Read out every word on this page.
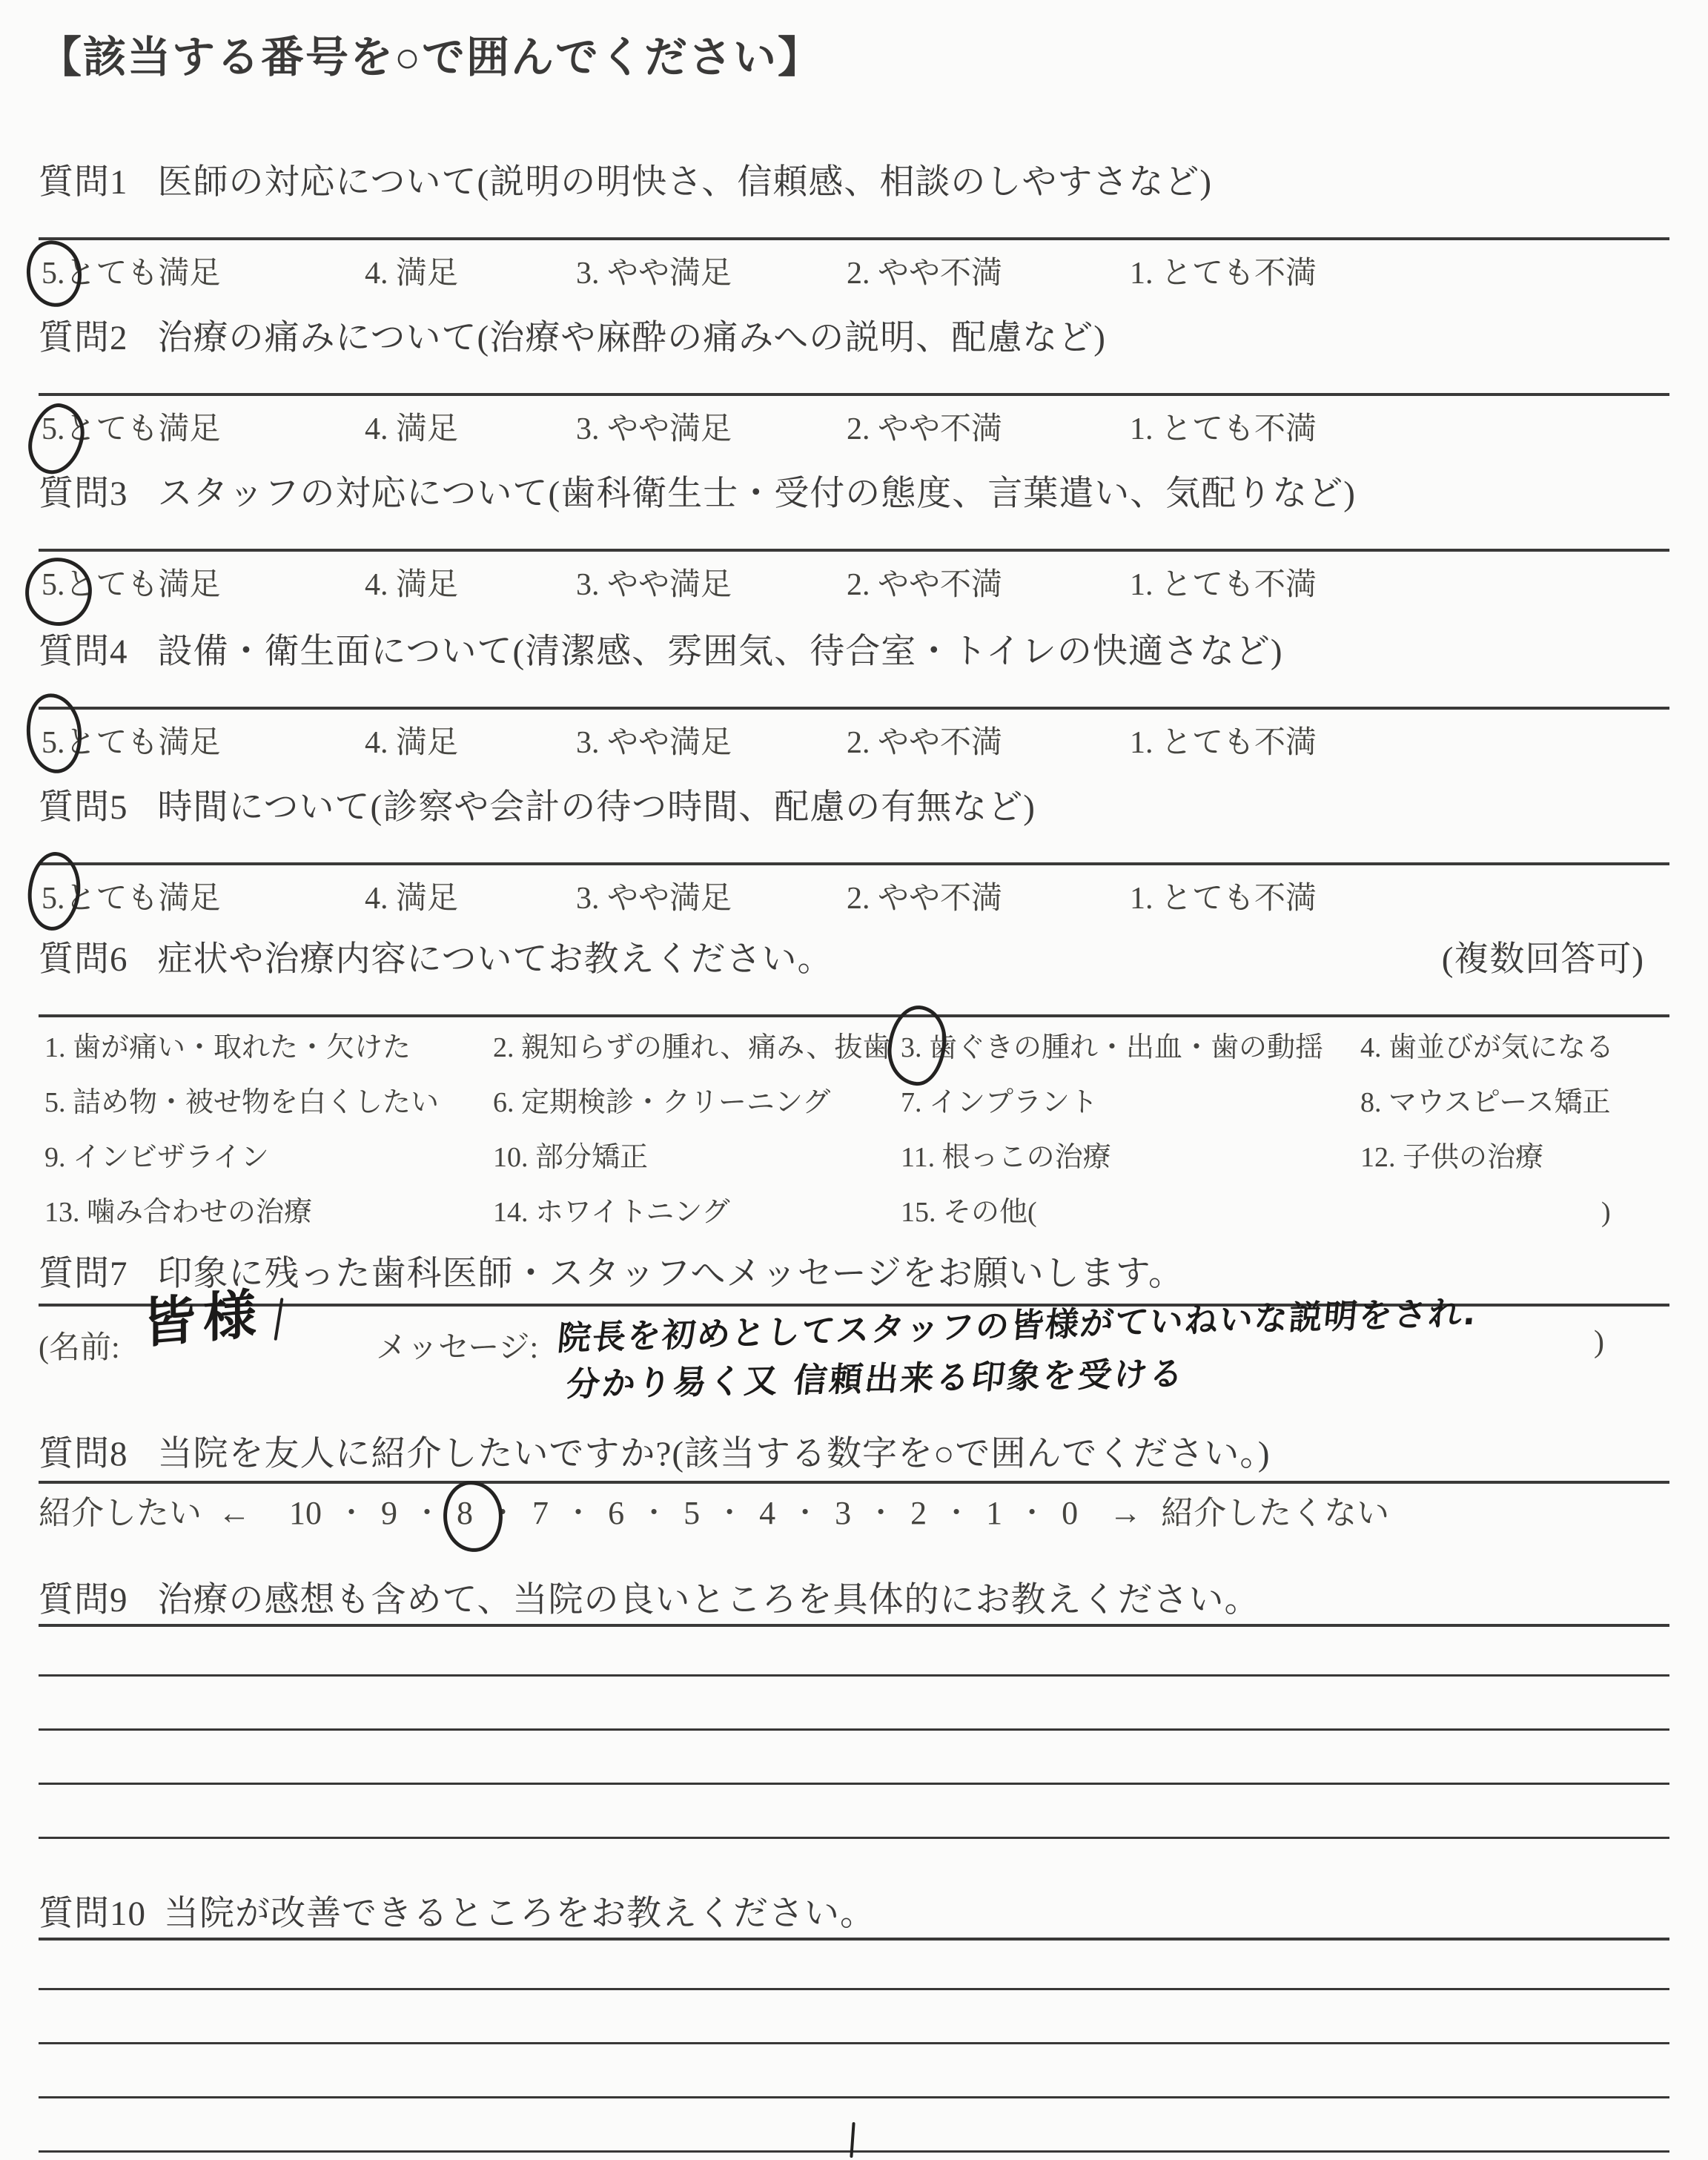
【該当する番号を○で囲んでください】
質問1 医師の対応について(説明の明快さ、信頼感、相談のしやすさなど)
5.とても満足	4. 満足	3. やや満足	2. やや不満	1. とても不満
質問2 治療の痛みについて(治療や麻酔の痛みへの説明、配慮など)
5.とても満足	4. 満足	3. やや満足	2. やや不満	1. とても不満
質問3 スタッフの対応について(歯科衛生士・受付の態度、言葉遣い、気配りなど)
5.とても満足	4. 満足	3. やや満足	2. やや不満	1. とても不満
質問4 設備・衛生面について(清潔感、雰囲気、待合室・トイレの快適さなど)
5.とても満足	4. 満足	3. やや満足	2. やや不満	1. とても不満
質問5 時間について(診察や会計の待つ時間、配慮の有無など)
5.とても満足	4. 満足	3. やや満足	2. やや不満	1. とても不満
質問6 症状や治療内容についてお教えください。	(複数回答可)
1. 歯が痛い・取れた・欠けた	2. 親知らずの腫れ、痛み、抜歯 3. 歯ぐきの腫れ・出血・歯の動揺 4. 歯並びが気になる
5. 詰め物・被せ物を白くしたい 6. 定期検診・クリーニング 7. インプラント	8. マウスピース矯正
9. インビザライン	10. 部分矯正	11. 根っこの治療	12. 子供の治療
13. 噛み合わせの治療	14. ホワイトニング	15. その他(	)
質問7 印象に残った歯科医師・スタッフへメッセージをお願いします。
(名前: 皆様	メッセージ: 院長を初めとしてスタッフの皆様がていねいな説明をされ.
分かり易く又 信頼出来る印象を受ける
)
質問8 当院を友人に紹介したいですか?(該当する数字を○で囲んでください。)
紹介したい ← 10 ・ 9 ・ 8 ・ 7 ・ 6 ・ 5 ・ 4 ・ 3 ・ 2 ・ 1 ・ 0 → 紹介したくない
質問9 治療の感想も含めて、当院の良いところを具体的にお教えください。
質問10 当院が改善できるところをお教えください。
